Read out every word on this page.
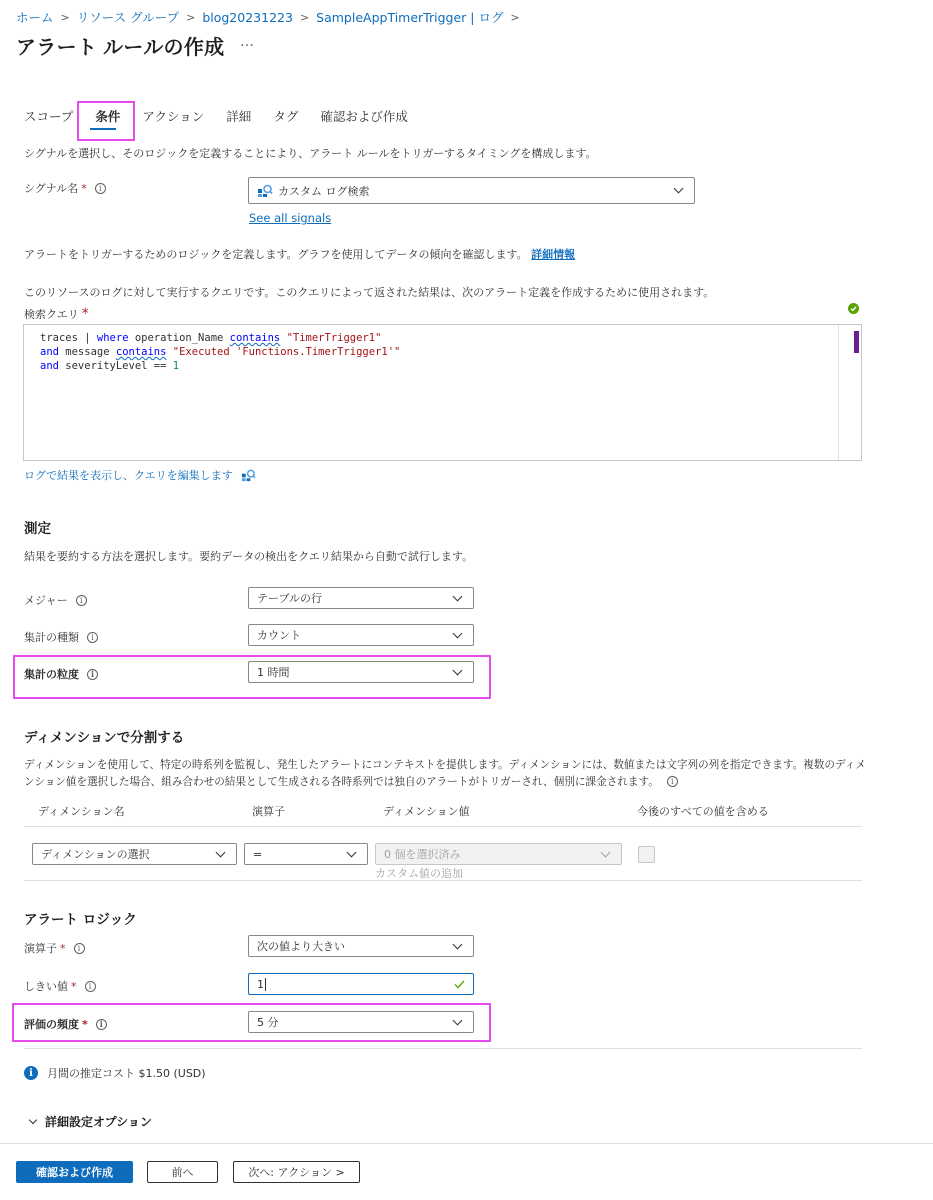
ホーム > リソース グループ > blog20231223 > SampleAppTimerTrigger | ログ >
アラート ルールの作成 …
スコープ 条件 アクション 詳細 タグ 確認および作成
シグナルを選択し、そのロジックを定義することにより、アラート ルールをトリガーするタイミングを構成します。
シグナル名 *	i	カスタム ログ検索
See all signals
アラートをトリガーするためのロジックを定義します。グラフを使用してデータの傾向を確認します。 詳細情報
このリソースのログに対して実行するクエリです。このクエリによって返された結果は、次のアラート定義を作成するために使用されます。
検索クエリ *
traces | where operation_Name contains "TimerTrigger1"
and message contains "Executed 'Functions.TimerTrigger1'"
and severityLevel == 1
ログで結果を表示し、クエリを編集します
測定
結果を要約する方法を選択します。要約データの検出をクエリ結果から自動で試行します。
メジャー	i	テーブルの行
集計の種類	i	カウント
集計の粒度	i	1 時間
ディメンションで分割する
ディメンションを使用して、特定の時系列を監視し、発生したアラートにコンテキストを提供します。ディメンションには、数値または文字列の列を指定できます。複数のディメ
ンション値を選択した場合、組み合わせの結果として生成される各時系列では独自のアラートがトリガーされ、個別に課金されます。	i
ディメンション名	演算子	ディメンション値	今後のすべての値を含める
ディメンションの選択	=	0 個を選択済み
カスタム値の追加
アラート ロジック
演算子 *	i	次の値より大きい
しきい値 *	i	1
評価の頻度 *	i	5 分
i	月間の推定コスト $1.50 (USD)
詳細設定オプション
確認および作成	前へ	次へ: アクション >
